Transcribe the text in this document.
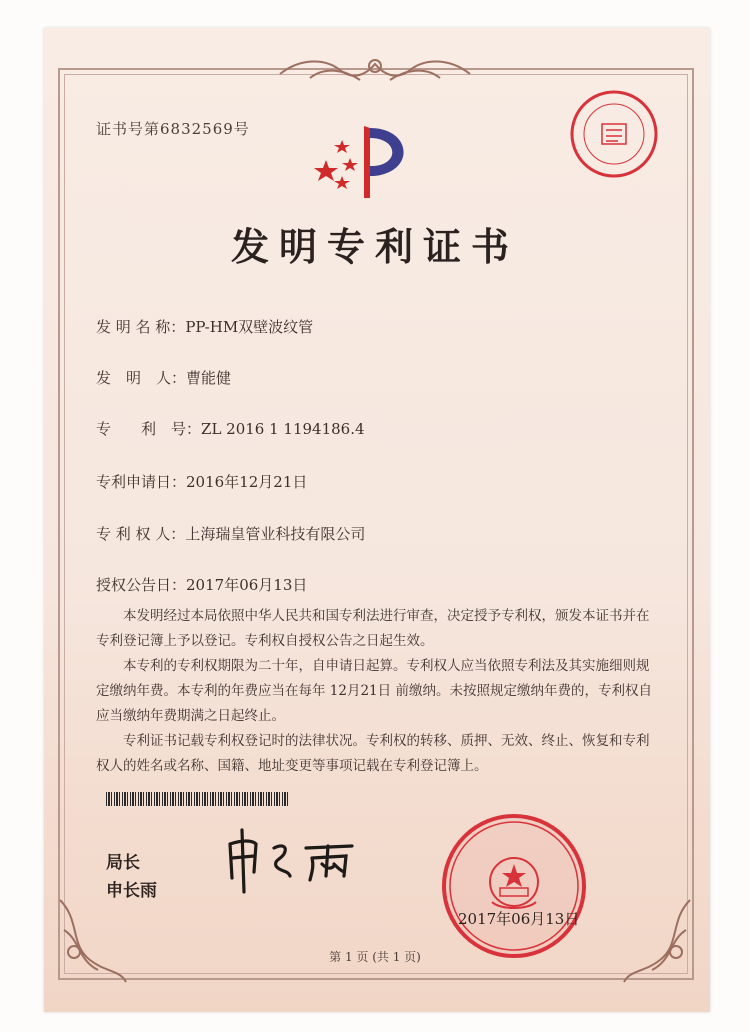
证书号第6832569号
发明专利证书
发 明 名 称：PP-HM双壁波纹管
发　明　人：曹能健
专　　利　号：ZL 2016 1 1194186.4
专利申请日：2016年12月21日
专 利 权 人：上海瑞皇管业科技有限公司
授权公告日：2017年06月13日

本发明经过本局依照中华人民共和国专利法进行审查，决定授予专利权，颁发本证书并在专利登记簿上予以登记。专利权自授权公告之日起生效。

本专利的专利权期限为二十年，自申请日起算。专利权人应当依照专利法及其实施细则规定缴纳年费。本专利的年费应当在每年 12月21日 前缴纳。未按照规定缴纳年费的，专利权自应当缴纳年费期满之日起终止。

专利证书记载专利权登记时的法律状况。专利权的转移、质押、无效、终止、恢复和专利权人的姓名或名称、国籍、地址变更等事项记载在专利登记簿上。

局长
申长雨
2017年06月13日
第 1 页 (共 1 页)
